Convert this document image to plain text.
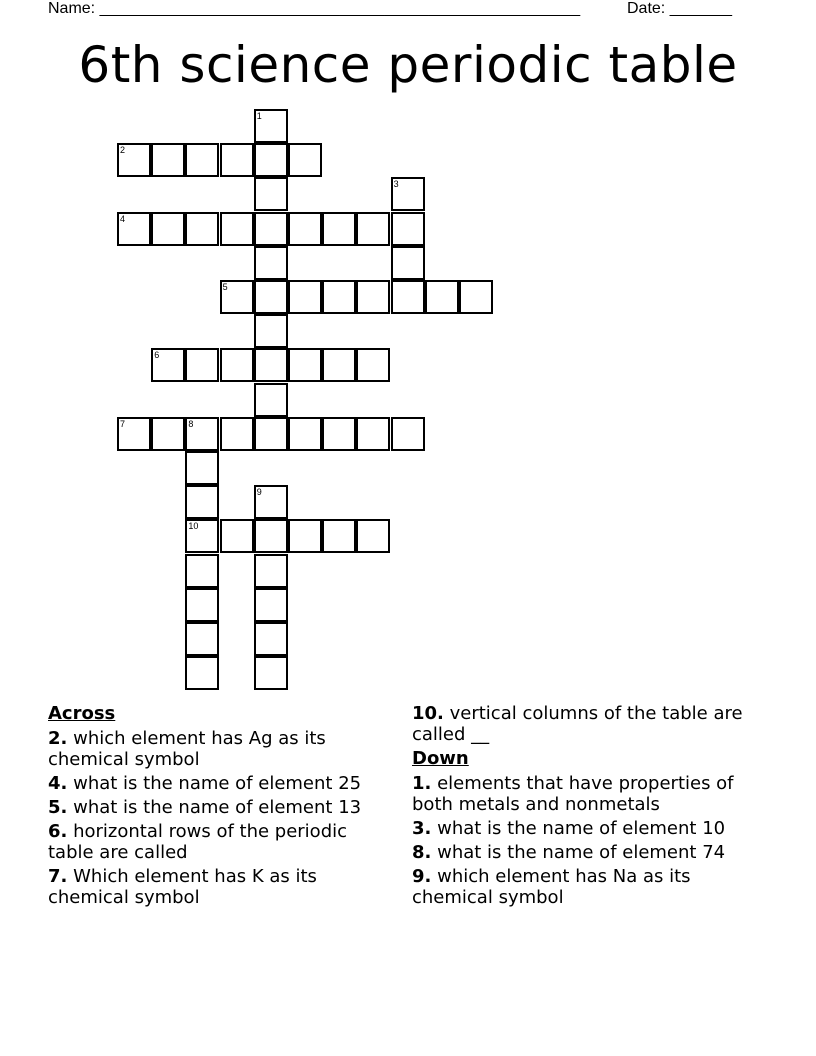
Name: ______________________________________________________	Date: _______
6th science periodic table
1
2
3
4
5
6
7	8
10
9
Across
2. which element has Ag as its chemical symbol
4. what is the name of element 25
5. what is the name of element 13
6. horizontal rows of the periodic table are called
7. Which element has K as its chemical symbol
10. vertical columns of the table are called __
Down
1. elements that have properties of both metals and nonmetals
3. what is the name of element 10
8. what is the name of element 74
9. which element has Na as its chemical symbol
